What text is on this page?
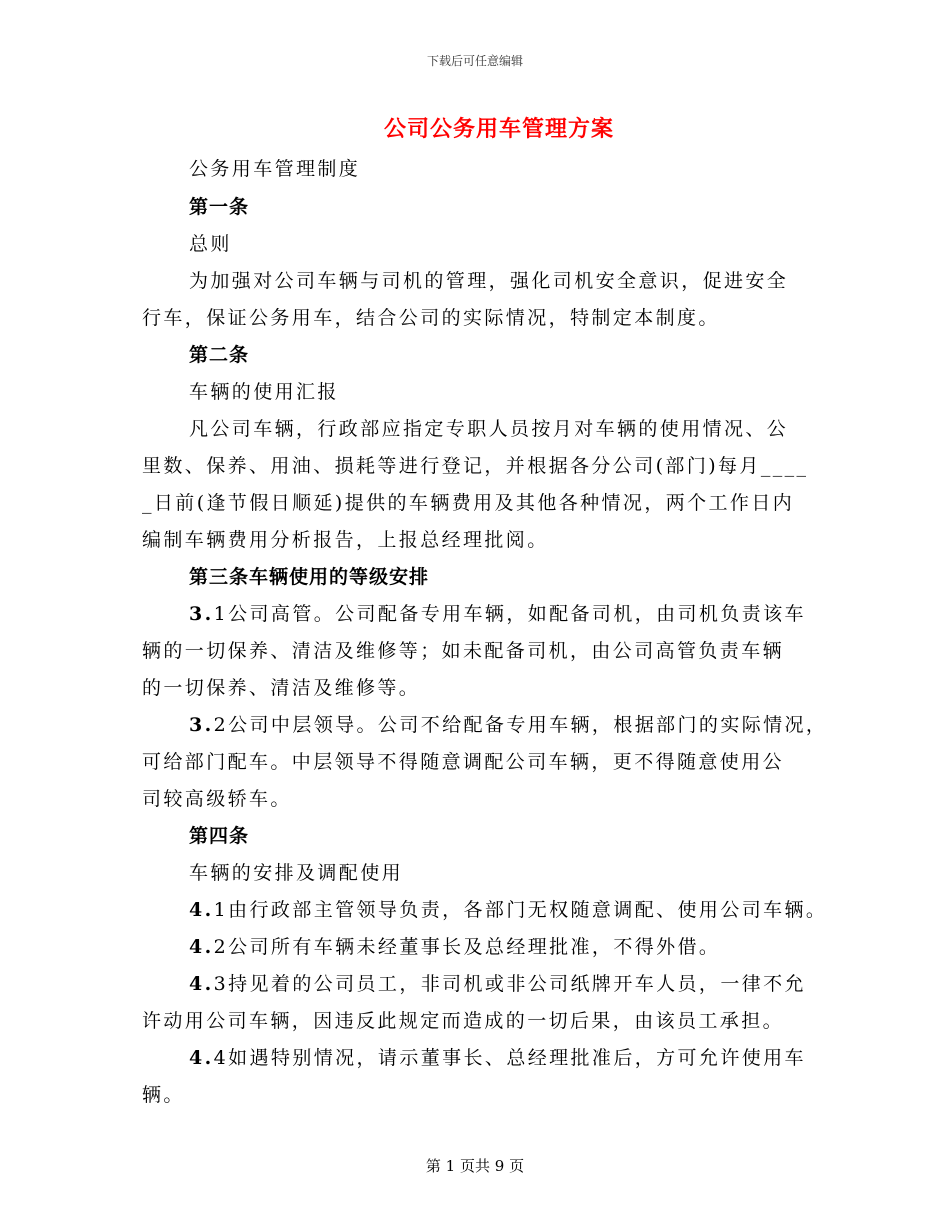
下载后可任意编辑
公司公务用车管理方案
公务用车管理制度
第一条
总则
为加强对公司车辆与司机的管理，强化司机安全意识，促进安全
行车，保证公务用车，结合公司的实际情况，特制定本制度。
第二条
车辆的使用汇报
凡公司车辆，行政部应指定专职人员按月对车辆的使用情况、公
里数、保养、用油、损耗等进行登记，并根据各分公司(部门)每月____
_日前(逢节假日顺延)提供的车辆费用及其他各种情况，两个工作日内
编制车辆费用分析报告，上报总经理批阅。
第三条车辆使用的等级安排
3.1公司高管。公司配备专用车辆，如配备司机，由司机负责该车
辆的一切保养、清洁及维修等；如未配备司机，由公司高管负责车辆
的一切保养、清洁及维修等。
3.2公司中层领导。公司不给配备专用车辆，根据部门的实际情况，
可给部门配车。中层领导不得随意调配公司车辆，更不得随意使用公
司较高级轿车。
第四条
车辆的安排及调配使用
4.1由行政部主管领导负责，各部门无权随意调配、使用公司车辆。
4.2公司所有车辆未经董事长及总经理批准，不得外借。
4.3持见着的公司员工，非司机或非公司纸牌开车人员，一律不允
许动用公司车辆，因违反此规定而造成的一切后果，由该员工承担。
4.4如遇特别情况，请示董事长、总经理批准后，方可允许使用车
辆。
第 1 页共 9 页
